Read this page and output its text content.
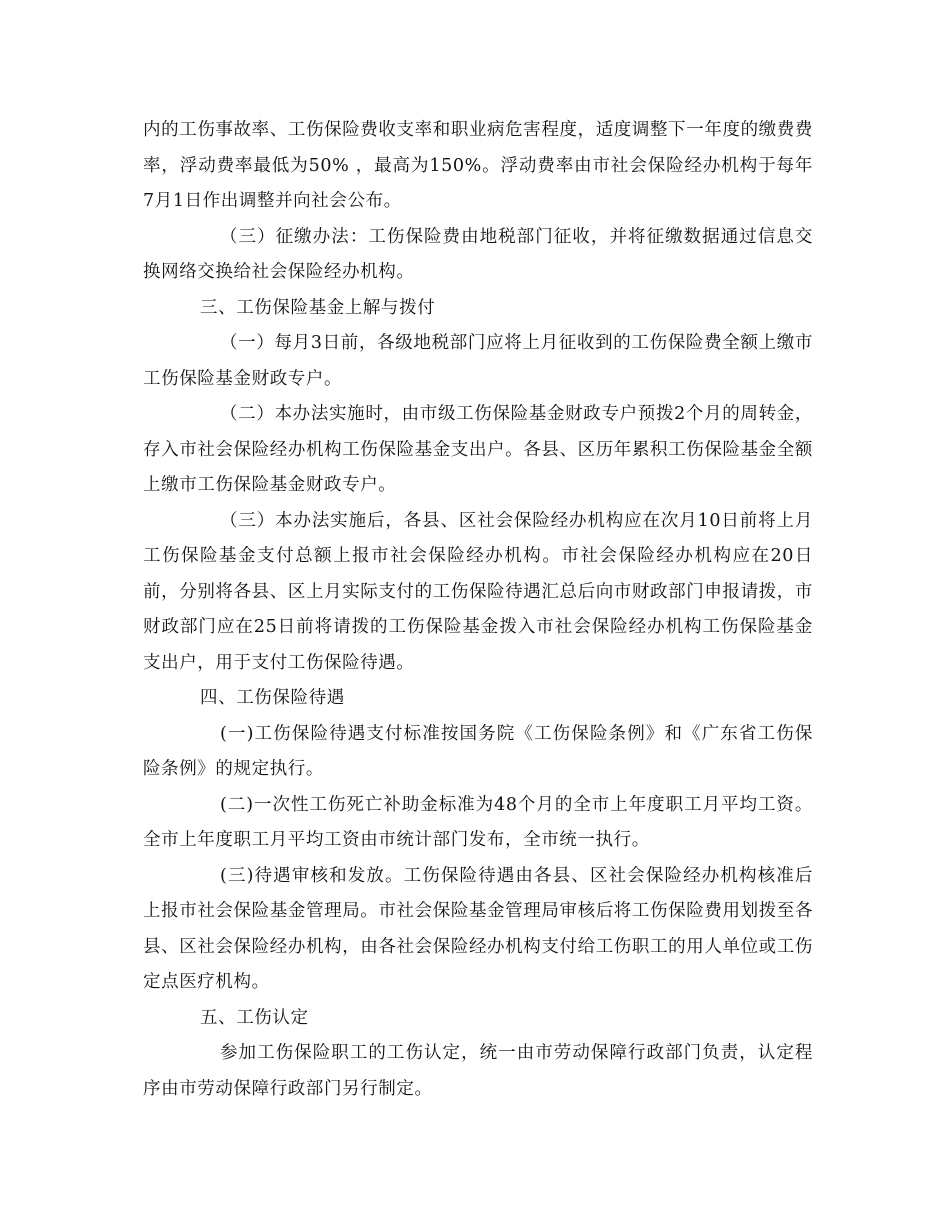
内的工伤事故率、工伤保险费收支率和职业病危害程度，适度调整下一年度的缴费费率，浮动费率最低为50% ，最高为150%。浮动费率由市社会保险经办机构于每年7月1日作出调整并向社会公布。

（三）征缴办法：工伤保险费由地税部门征收，并将征缴数据通过信息交换网络交换给社会保险经办机构。

三、工伤保险基金上解与拨付

（一）每月3日前，各级地税部门应将上月征收到的工伤保险费全额上缴市工伤保险基金财政专户。

（二）本办法实施时，由市级工伤保险基金财政专户预拨2个月的周转金，存入市社会保险经办机构工伤保险基金支出户。各县、区历年累积工伤保险基金全额上缴市工伤保险基金财政专户。

（三）本办法实施后，各县、区社会保险经办机构应在次月10日前将上月工伤保险基金支付总额上报市社会保险经办机构。市社会保险经办机构应在20日前，分别将各县、区上月实际支付的工伤保险待遇汇总后向市财政部门申报请拨，市财政部门应在25日前将请拨的工伤保险基金拨入市社会保险经办机构工伤保险基金支出户，用于支付工伤保险待遇。

四、工伤保险待遇

(一)工伤保险待遇支付标准按国务院《工伤保险条例》和《广东省工伤保险条例》的规定执行。

(二)一次性工伤死亡补助金标准为48个月的全市上年度职工月平均工资。全市上年度职工月平均工资由市统计部门发布，全市统一执行。

(三)待遇审核和发放。工伤保险待遇由各县、区社会保险经办机构核准后上报市社会保险基金管理局。市社会保险基金管理局审核后将工伤保险费用划拨至各县、区社会保险经办机构，由各社会保险经办机构支付给工伤职工的用人单位或工伤定点医疗机构。

五、工伤认定

参加工伤保险职工的工伤认定，统一由市劳动保障行政部门负责，认定程序由市劳动保障行政部门另行制定。
